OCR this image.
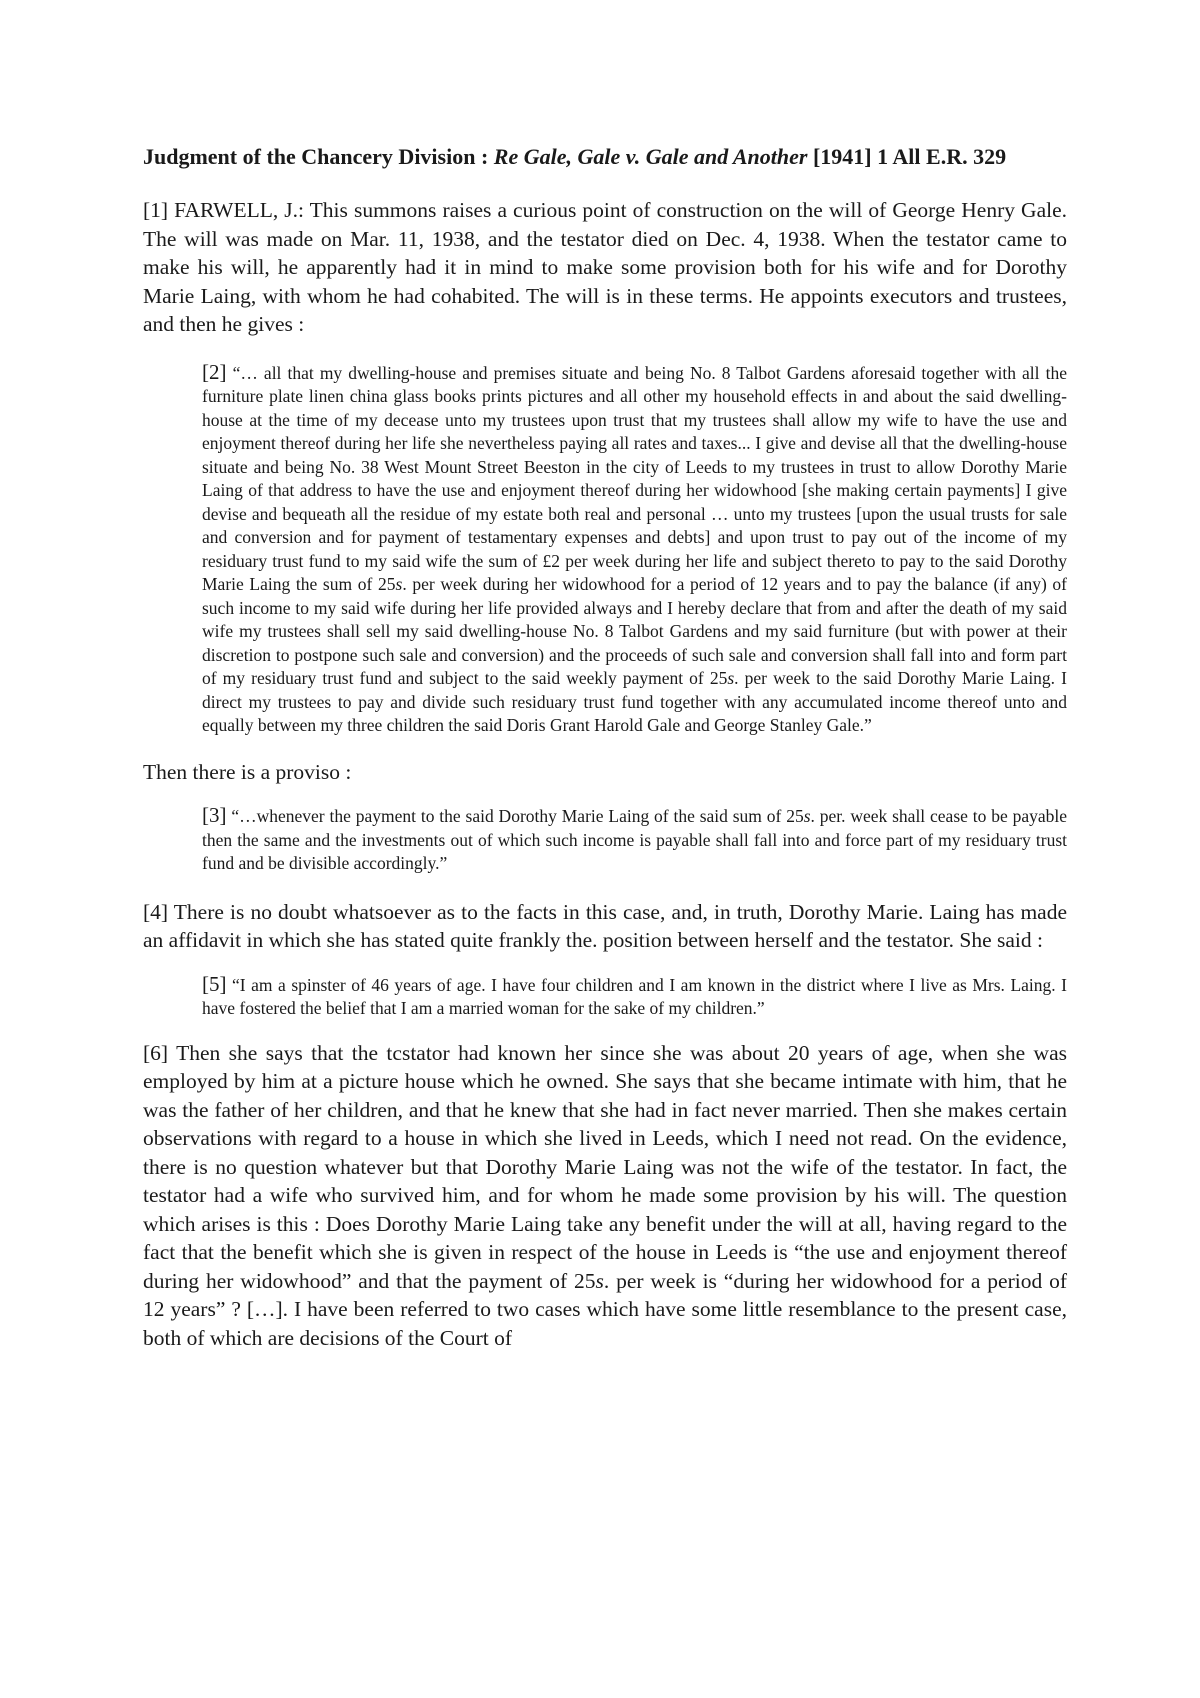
Judgment of the Chancery Division : Re Gale, Gale v. Gale and Another [1941] 1 All E.R. 329

[1] FARWELL, J.: This summons raises a curious point of construction on the will of George Henry Gale. The will was made on Mar. 11, 1938, and the testator died on Dec. 4, 1938. When the testator came to make his will, he apparently had it in mind to make some provision both for his wife and for Dorothy Marie Laing, with whom he had cohabited. The will is in these terms. He appoints executors and trustees, and then he gives :

[2] “… all that my dwelling-house and premises situate and being No. 8 Talbot Gardens aforesaid together with all the furniture plate linen china glass books prints pictures and all other my household effects in and about the said dwelling-house at the time of my decease unto my trustees upon trust that my trustees shall allow my wife to have the use and enjoyment thereof during her life she nevertheless paying all rates and taxes... I give and devise all that the dwelling-house situate and being No. 38 West Mount Street Beeston in the city of Leeds to my trustees in trust to allow Dorothy Marie Laing of that address to have the use and enjoyment thereof during her widowhood [she making certain payments] I give devise and bequeath all the residue of my estate both real and personal … unto my trustees [upon the usual trusts for sale and conversion and for payment of testamentary expenses and debts] and upon trust to pay out of the income of my residuary trust fund to my said wife the sum of £2 per week during her life and subject thereto to pay to the said Dorothy Marie Laing the sum of 25s. per week during her widowhood for a period of 12 years and to pay the balance (if any) of such income to my said wife during her life provided always and I hereby declare that from and after the death of my said wife my trustees shall sell my said dwelling-house No. 8 Talbot Gardens and my said furniture (but with power at their discretion to postpone such sale and conversion) and the proceeds of such sale and conversion shall fall into and form part of my residuary trust fund and subject to the said weekly payment of 25s. per week to the said Dorothy Marie Laing. I direct my trustees to pay and divide such residuary trust fund together with any accumulated income thereof unto and equally between my three children the said Doris Grant Harold Gale and George Stanley Gale.”

Then there is a proviso :

[3] “…whenever the payment to the said Dorothy Marie Laing of the said sum of 25s. per. week shall cease to be payable then the same and the investments out of which such income is payable shall fall into and force part of my residuary trust fund and be divisible accordingly.”

[4] There is no doubt whatsoever as to the facts in this case, and, in truth, Dorothy Marie. Laing has made an affidavit in which she has stated quite frankly the. position between herself and the testator. She said :

[5] “I am a spinster of 46 years of age. I have four children and I am known in the district where I live as Mrs. Laing. I have fostered the belief that I am a married woman for the sake of my children.”

[6] Then she says that the tcstator had known her since she was about 20 years of age, when she was employed by him at a picture house which he owned. She says that she became intimate with him, that he was the father of her children, and that he knew that she had in fact never married. Then she makes certain observations with regard to a house in which she lived in Leeds, which I need not read. On the evidence, there is no question whatever but that Dorothy Marie Laing was not the wife of the testator. In fact, the testator had a wife who survived him, and for whom he made some provision by his will. The question which arises is this : Does Dorothy Marie Laing take any benefit under the will at all, having regard to the fact that the benefit which she is given in respect of the house in Leeds is “the use and enjoyment thereof during her widowhood” and that the payment of 25s. per week is “during her widowhood for a period of 12 years” ? […]. I have been referred to two cases which have some little resemblance to the present case, both of which are decisions of the Court of
